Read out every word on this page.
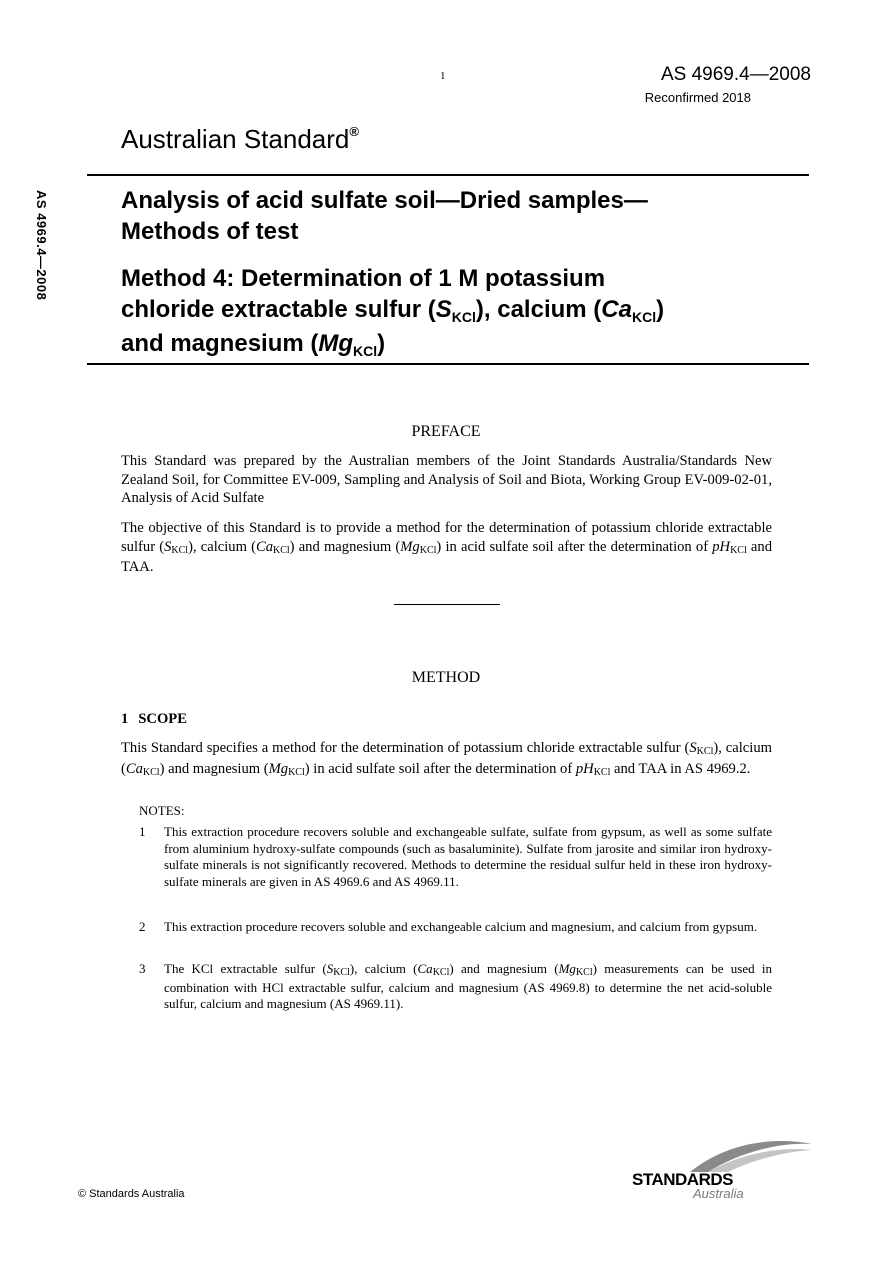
1	AS 4969.4—2008
Reconfirmed 2018
Australian Standard®
AS 4969.4—2008	Analysis of acid sulfate soil—Dried samples—
Methods of test
Method 4: Determination of 1 M potassium
chloride extractable sulfur $(S_{KCl})$, calcium $(Ca_{KCl})$
and magnesium $(Mg_{KCl})$
PREFACE
This Standard was prepared by the Australian members of the Joint Standards Australia/Standards New Zealand Soil, for Committee EV-009, Sampling and Analysis of Soil and Biota, Working Group EV-009-02-01, Analysis of Acid Sulfate
The objective of this Standard is to provide a method for the determination of potassium chloride extractable sulfur (SKCl), calcium (CaKCl) and magnesium (MgKCl) in acid sulfate soil after the determination of pHKCl and TAA.
METHOD
1 SCOPE
This Standard specifies a method for the determination of potassium chloride extractable sulfur (SKCl), calcium (CaKCl) and magnesium (MgKCl) in acid sulfate soil after the determination of pHKCl and TAA in AS 4969.2.
NOTES:
1 This extraction procedure recovers soluble and exchangeable sulfate, sulfate from gypsum, as well as some sulfate from aluminium hydroxy-sulfate compounds (such as basaluminite). Sulfate from jarosite and similar iron hydroxy-sulfate minerals is not significantly recovered. Methods to determine the residual sulfur held in these iron hydroxy-sulfate minerals are given in AS 4969.6 and AS 4969.11.
2 This extraction procedure recovers soluble and exchangeable calcium and magnesium, and calcium from gypsum.
3 The KCl extractable sulfur (SKCl), calcium (CaKCl) and magnesium (MgKCl) measurements can be used in combination with HCl extractable sulfur, calcium and magnesium (AS 4969.8) to determine the net acid-soluble sulfur, calcium and magnesium (AS 4969.11).
© Standards Australia
STANDARDS
Australia
